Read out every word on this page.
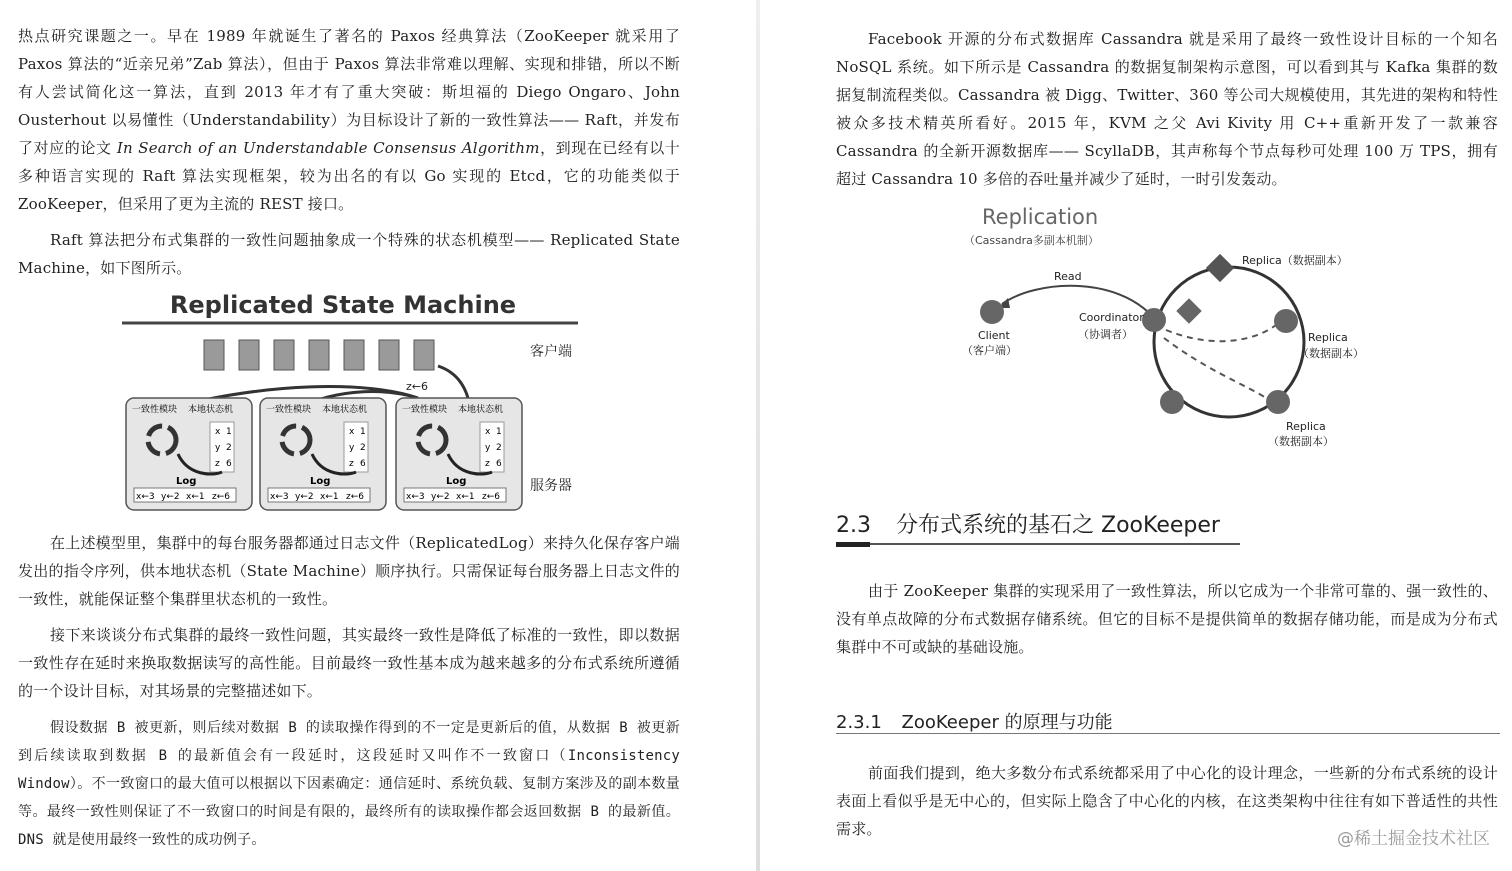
热点研究课题之一。早在 1989 年就诞生了著名的 Paxos 经典算法（ZooKeeper 就采用了 Paxos 算法的“近亲兄弟”Zab 算法），但由于 Paxos 算法非常难以理解、实现和排错，所以不断有人尝试简化这一算法，直到 2013 年才有了重大突破：斯坦福的 Diego Ongaro、John Ousterhout 以易懂性（Understandability）为目标设计了新的一致性算法—— Raft，并发布了对应的论文 In Search of an Understandable Consensus Algorithm，到现在已经有以十多种语言实现的 Raft 算法实现框架，较为出名的有以 Go 实现的 Etcd，它的功能类似于 ZooKeeper，但采用了更为主流的 REST 接口。

Raft 算法把分布式集群的一致性问题抽象成一个特殊的状态机模型—— Replicated State Machine，如下图所示。

Replicated State Machine
客户端
z←6
一致性模块 本地状态机
x 1
y 2
z 6
Log
x←3 y←2 x←1 z←6
一致性模块 本地状态机
x 1
y 2
z 6
Log
x←3 y←2 x←1 z←6
一致性模块 本地状态机
x 1
y 2
z 6
Log
x←3 y←2 x←1 z←6
服务器

在上述模型里，集群中的每台服务器都通过日志文件（ReplicatedLog）来持久化保存客户端发出的指令序列，供本地状态机（State Machine）顺序执行。只需保证每台服务器上日志文件的一致性，就能保证整个集群里状态机的一致性。

接下来谈谈分布式集群的最终一致性问题，其实最终一致性是降低了标准的一致性，即以数据一致性存在延时来换取数据读写的高性能。目前最终一致性基本成为越来越多的分布式系统所遵循的一个设计目标，对其场景的完整描述如下。

假设数据 B 被更新，则后续对数据 B 的读取操作得到的不一定是更新后的值，从数据 B 被更新到后续读取到数据 B 的最新值会有一段延时，这段延时又叫作不一致窗口（Inconsistency Window）。不一致窗口的最大值可以根据以下因素确定：通信延时、系统负载、复制方案涉及的副本数量等。最终一致性则保证了不一致窗口的时间是有限的，最终所有的读取操作都会返回数据 B 的最新值。DNS 就是使用最终一致性的成功例子。

Facebook 开源的分布式数据库 Cassandra 就是采用了最终一致性设计目标的一个知名 NoSQL 系统。如下所示是 Cassandra 的数据复制架构示意图，可以看到其与 Kafka 集群的数据复制流程类似。Cassandra 被 Digg、Twitter、360 等公司大规模使用，其先进的架构和特性被众多技术精英所看好。2015 年，KVM 之父 Avi Kivity 用 C++重新开发了一款兼容 Cassandra 的全新开源数据库—— ScyllaDB，其声称每个节点每秒可处理 100 万 TPS，拥有超过 Cassandra 10 多倍的吞吐量并减少了延时，一时引发轰动。

Replication
（Cassandra多副本机制）
Read
Client
（客户端）
Coordinator
（协调者）
Replica（数据副本）
Replica
（数据副本）
Replica
（数据副本）
2.3 分布式系统的基石之 ZooKeeper

由于 ZooKeeper 集群的实现采用了一致性算法，所以它成为一个非常可靠的、强一致性的、没有单点故障的分布式数据存储系统。但它的目标不是提供简单的数据存储功能，而是成为分布式集群中不可或缺的基础设施。

2.3.1 ZooKeeper 的原理与功能

前面我们提到，绝大多数分布式系统都采用了中心化的设计理念，一些新的分布式系统的设计表面上看似乎是无中心的，但实际上隐含了中心化的内核，在这类架构中往往有如下普适性的共性需求。	@稀土掘金技术社区
